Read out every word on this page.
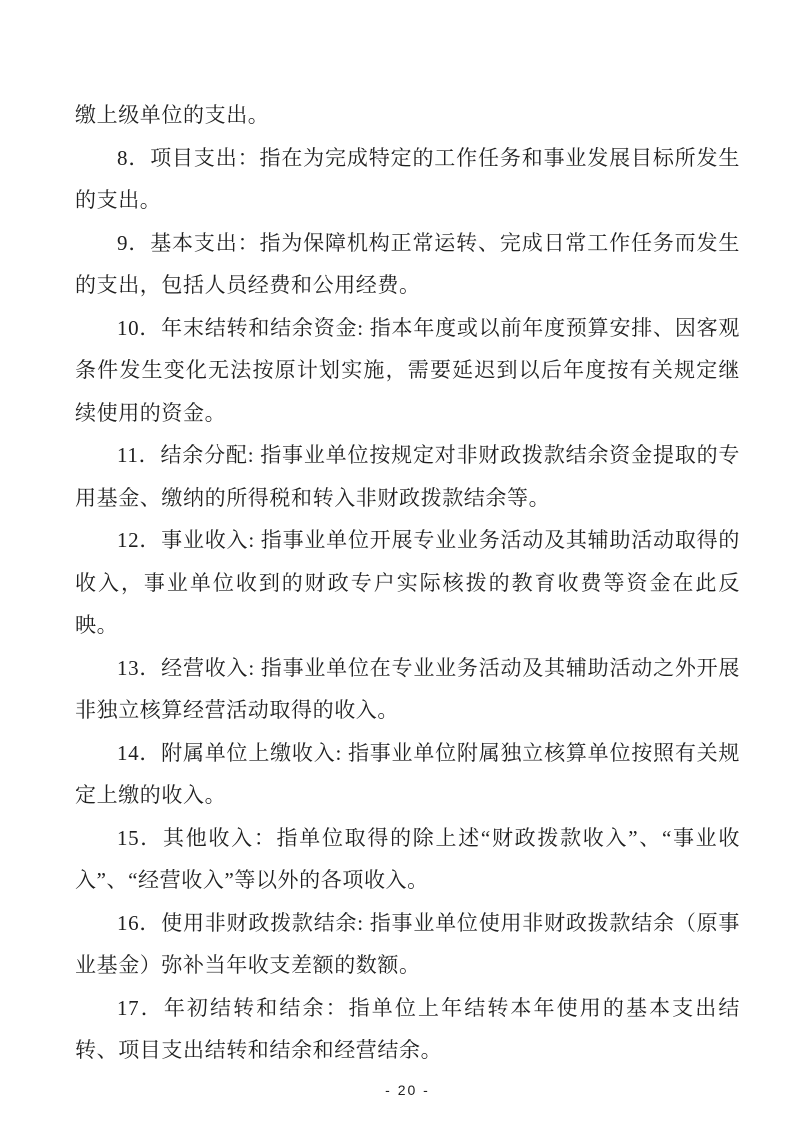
缴上级单位的支出。

8．项目支出：指在为完成特定的工作任务和事业发展目标所发生的支出。

9．基本支出：指为保障机构正常运转、完成日常工作任务而发生的支出，包括人员经费和公用经费。

10．年末结转和结余资金: 指本年度或以前年度预算安排、因客观条件发生变化无法按原计划实施，需要延迟到以后年度按有关规定继续使用的资金。

11．结余分配: 指事业单位按规定对非财政拨款结余资金提取的专用基金、缴纳的所得税和转入非财政拨款结余等。

12．事业收入: 指事业单位开展专业业务活动及其辅助活动取得的收入，事业单位收到的财政专户实际核拨的教育收费等资金在此反映。

13．经营收入: 指事业单位在专业业务活动及其辅助活动之外开展非独立核算经营活动取得的收入。

14．附属单位上缴收入: 指事业单位附属独立核算单位按照有关规定上缴的收入。

15．其他收入：指单位取得的除上述“财政拨款收入”、“事业收入”、“经营收入”等以外的各项收入。

16．使用非财政拨款结余: 指事业单位使用非财政拨款结余（原事业基金）弥补当年收支差额的数额。

17．年初结转和结余：指单位上年结转本年使用的基本支出结转、项目支出结转和结余和经营结余。

- 20 -
